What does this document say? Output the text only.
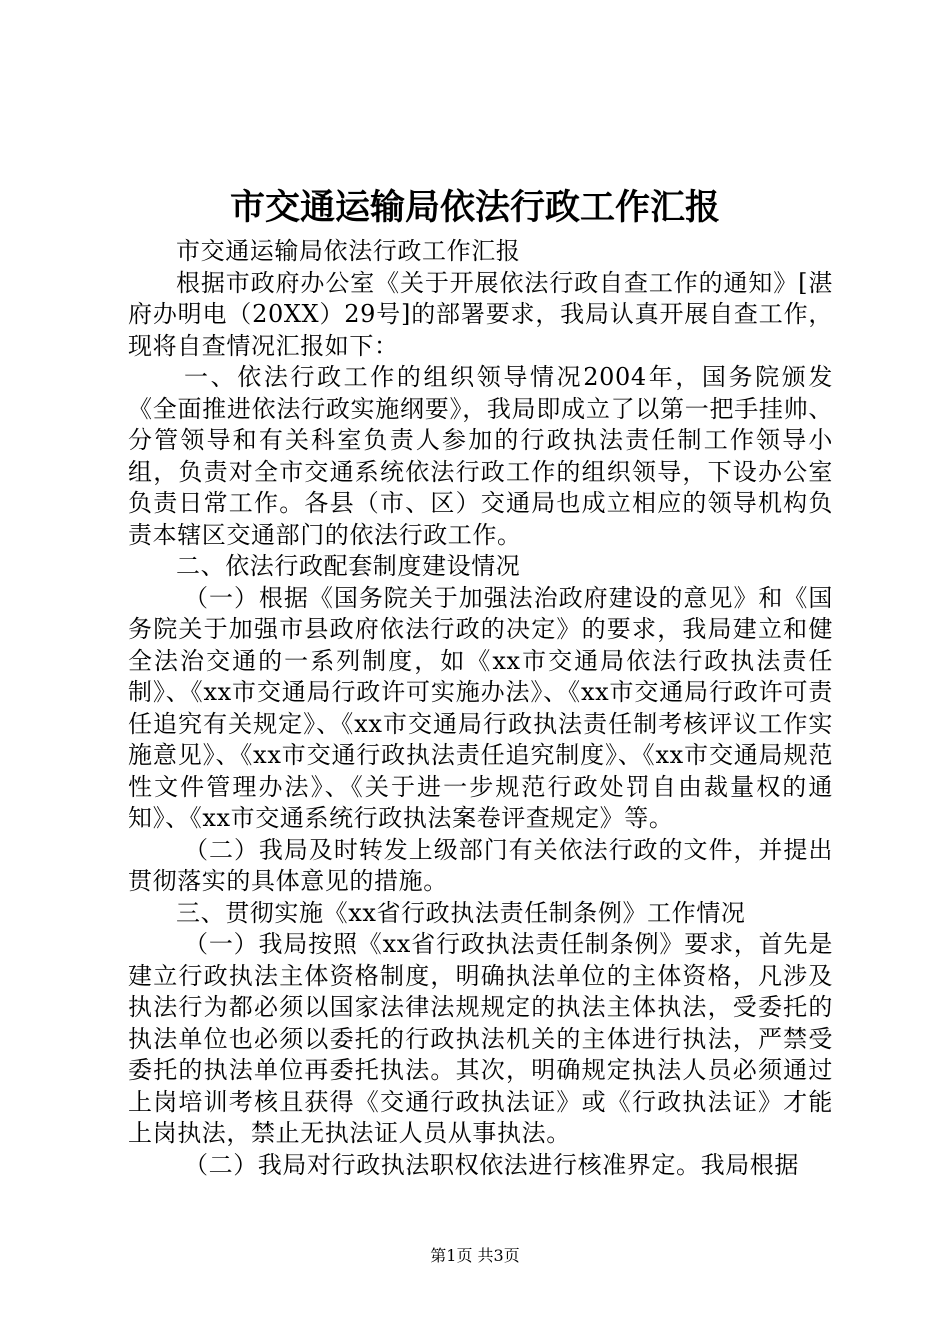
市交通运输局依法行政工作汇报

市交通运输局依法行政工作汇报

根据市政府办公室《关于开展依法行政自查工作的通知》[湛府办明电（20XX）29号]的部署要求，我局认真开展自查工作，现将自查情况汇报如下：

一、依法行政工作的组织领导情况2004年，国务院颁发《全面推进依法行政实施纲要》，我局即成立了以第一把手挂帅、分管领导和有关科室负责人参加的行政执法责任制工作领导小组，负责对全市交通系统依法行政工作的组织领导，下设办公室负责日常工作。各县（市、区）交通局也成立相应的领导机构负责本辖区交通部门的依法行政工作。

二、依法行政配套制度建设情况

（一）根据《国务院关于加强法治政府建设的意见》和《国务院关于加强市县政府依法行政的决定》的要求，我局建立和健全法治交通的一系列制度，如《xx市交通局依法行政执法责任制》、《xx市交通局行政许可实施办法》、《xx市交通局行政许可责任追究有关规定》、《xx市交通局行政执法责任制考核评议工作实施意见》、《xx市交通行政执法责任追究制度》、《xx市交通局规范性文件管理办法》、《关于进一步规范行政处罚自由裁量权的通知》、《xx市交通系统行政执法案卷评查规定》等。

（二）我局及时转发上级部门有关依法行政的文件，并提出贯彻落实的具体意见的措施。

三、贯彻实施《xx省行政执法责任制条例》工作情况

（一）我局按照《xx省行政执法责任制条例》要求，首先是建立行政执法主体资格制度，明确执法单位的主体资格，凡涉及执法行为都必须以国家法律法规规定的执法主体执法，受委托的执法单位也必须以委托的行政执法机关的主体进行执法，严禁受委托的执法单位再委托执法。其次，明确规定执法人员必须通过上岗培训考核且获得《交通行政执法证》或《行政执法证》才能上岗执法，禁止无执法证人员从事执法。

（二）我局对行政执法职权依法进行核准界定。我局根据

第1页 共3页
